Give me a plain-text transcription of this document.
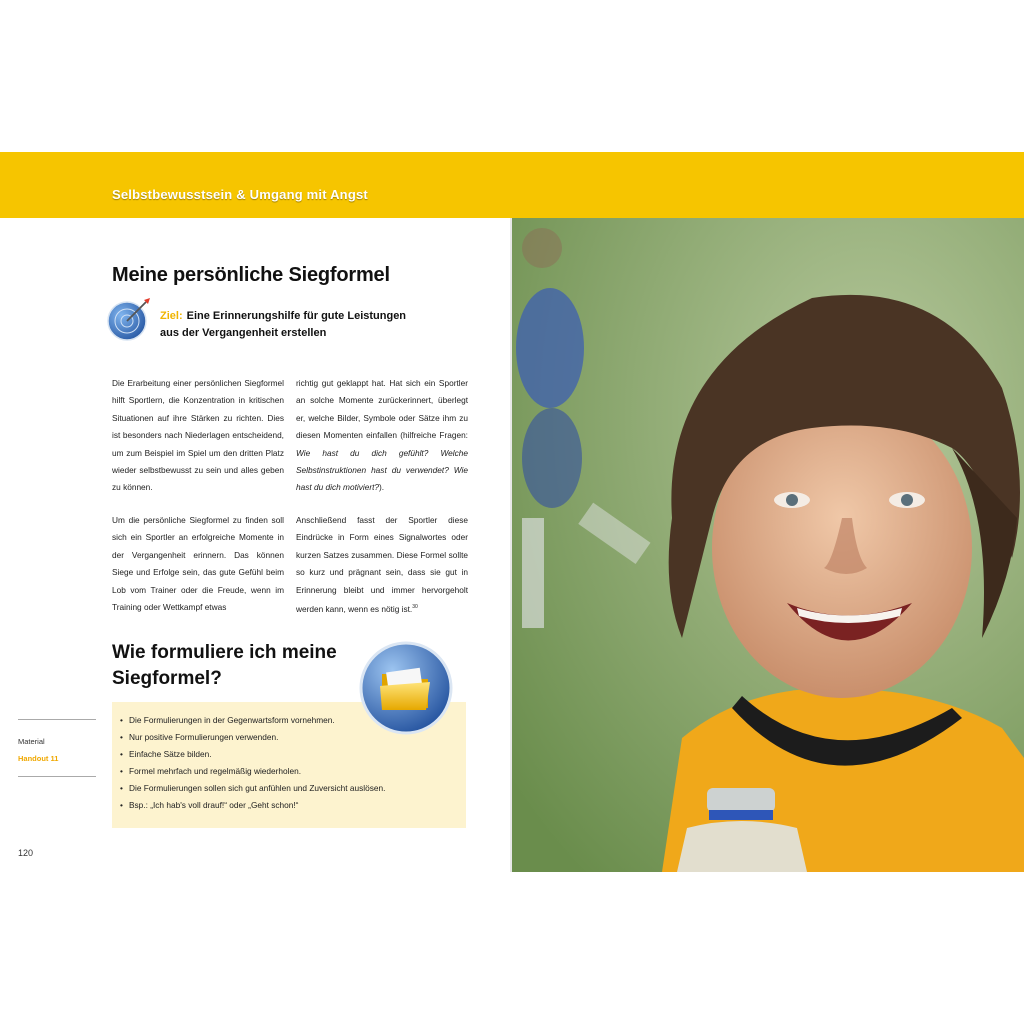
Selbstbewusstsein & Umgang mit Angst
Meine persönliche Siegformel
Ziel: Eine Erinnerungshilfe für gute Leistungen aus der Vergangenheit erstellen

Die Erarbeitung einer persönlichen Siegformel hilft Sportlern, die Konzentration in kritischen Situationen auf ihre Stärken zu richten. Dies ist besonders nach Niederlagen entscheidend, um zum Beispiel im Spiel um den dritten Platz wieder selbstbewusst zu sein und alles geben zu können.

richtig gut geklappt hat. Hat sich ein Sportler an solche Momente zurückerinnert, überlegt er, welche Bilder, Symbole oder Sätze ihm zu diesen Momenten einfallen (hilfreiche Fragen: Wie hast du dich gefühlt? Welche Selbstinstruktionen hast du verwendet? Wie hast du dich motiviert?).

Um die persönliche Siegformel zu finden soll sich ein Sportler an erfolgreiche Momente in der Vergangenheit erinnern. Das können Siege und Erfolge sein, das gute Gefühl beim Lob vom Trainer oder die Freude, wenn im Training oder Wettkampf etwas

Anschließend fasst der Sportler diese Eindrücke in Form eines Signalwortes oder kurzen Satzes zusammen. Diese Formel sollte so kurz und prägnant sein, dass sie gut in Erinnerung bleibt und immer hervorgeholt werden kann, wenn es nötig ist.$^{30}$

Wie formuliere ich meine Siegformel?
• Die Formulierungen in der Gegenwartsform vornehmen.
• Nur positive Formulierungen verwenden.
• Einfache Sätze bilden.
• Formel mehrfach und regelmäßig wiederholen.
• Die Formulierungen sollen sich gut anfühlen und Zuversicht auslösen.
• Bsp.: „Ich hab's voll drauf!“ oder „Geht schon!“
Material
Handout 11
120
